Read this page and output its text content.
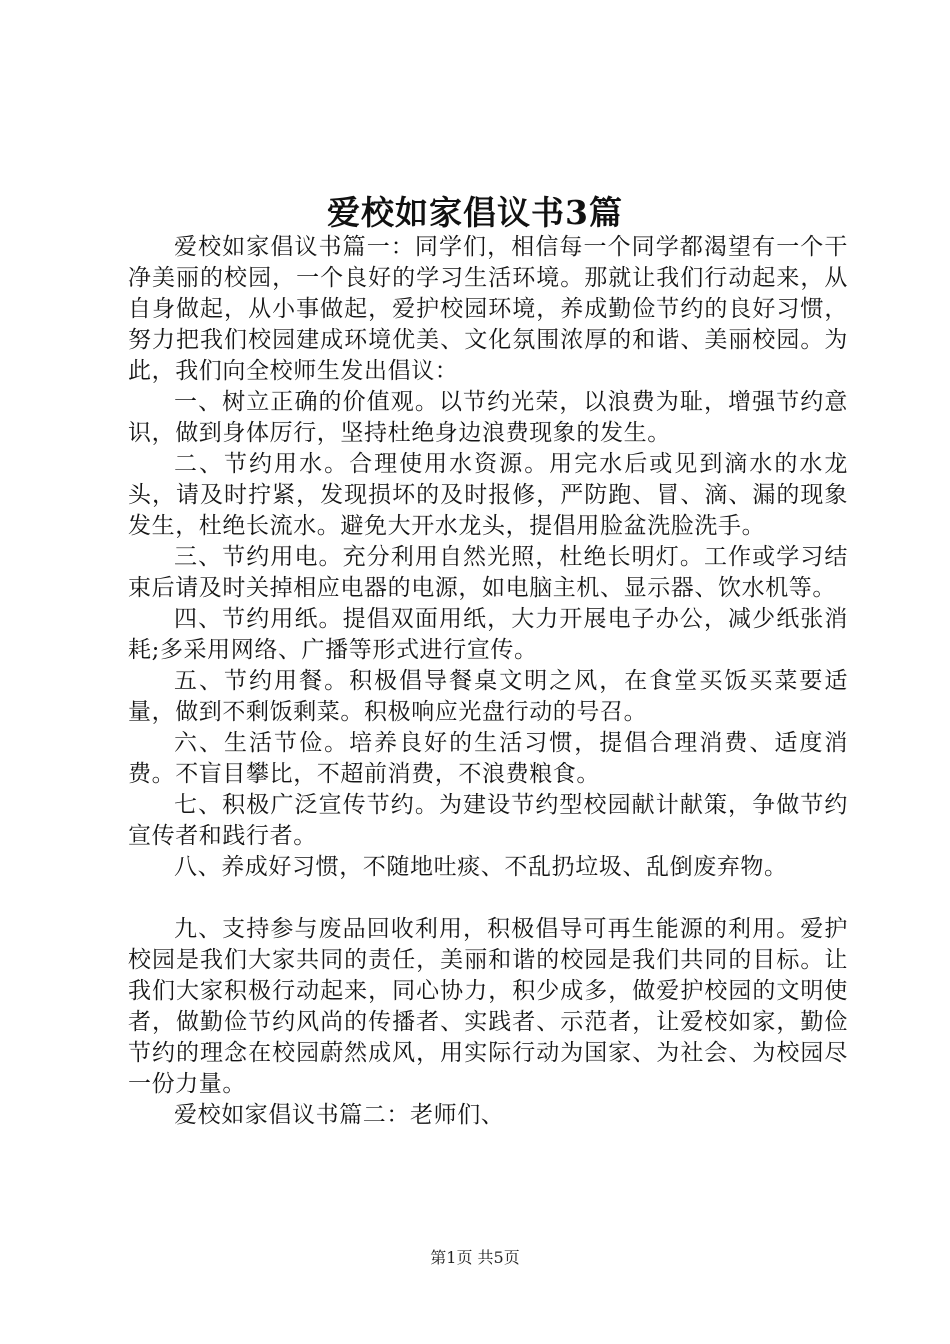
爱校如家倡议书3篇

爱校如家倡议书篇一：同学们，相信每一个同学都渴望有一个干净美丽的校园，一个良好的学习生活环境。那就让我们行动起来，从自身做起，从小事做起，爱护校园环境，养成勤俭节约的良好习惯，努力把我们校园建成环境优美、文化氛围浓厚的和谐、美丽校园。为此，我们向全校师生发出倡议：

一、树立正确的价值观。以节约光荣，以浪费为耻，增强节约意识，做到身体厉行，坚持杜绝身边浪费现象的发生。

二、节约用水。合理使用水资源。用完水后或见到滴水的水龙头，请及时拧紧，发现损坏的及时报修，严防跑、冒、滴、漏的现象发生，杜绝长流水。避免大开水龙头，提倡用脸盆洗脸洗手。

三、节约用电。充分利用自然光照，杜绝长明灯。工作或学习结束后请及时关掉相应电器的电源，如电脑主机、显示器、饮水机等。

四、节约用纸。提倡双面用纸，大力开展电子办公，减少纸张消耗;多采用网络、广播等形式进行宣传。

五、节约用餐。积极倡导餐桌文明之风，在食堂买饭买菜要适量，做到不剩饭剩菜。积极响应光盘行动的号召。

六、生活节俭。培养良好的生活习惯，提倡合理消费、适度消费。不盲目攀比，不超前消费，不浪费粮食。

七、积极广泛宣传节约。为建设节约型校园献计献策，争做节约宣传者和践行者。

八、养成好习惯，不随地吐痰、不乱扔垃圾、乱倒废弃物。

九、支持参与废品回收利用，积极倡导可再生能源的利用。爱护校园是我们大家共同的责任，美丽和谐的校园是我们共同的目标。让我们大家积极行动起来，同心协力，积少成多，做爱护校园的文明使者，做勤俭节约风尚的传播者、实践者、示范者，让爱校如家，勤俭节约的理念在校园蔚然成风，用实际行动为国家、为社会、为校园尽一份力量。

爱校如家倡议书篇二：老师们、

第1页 共5页
